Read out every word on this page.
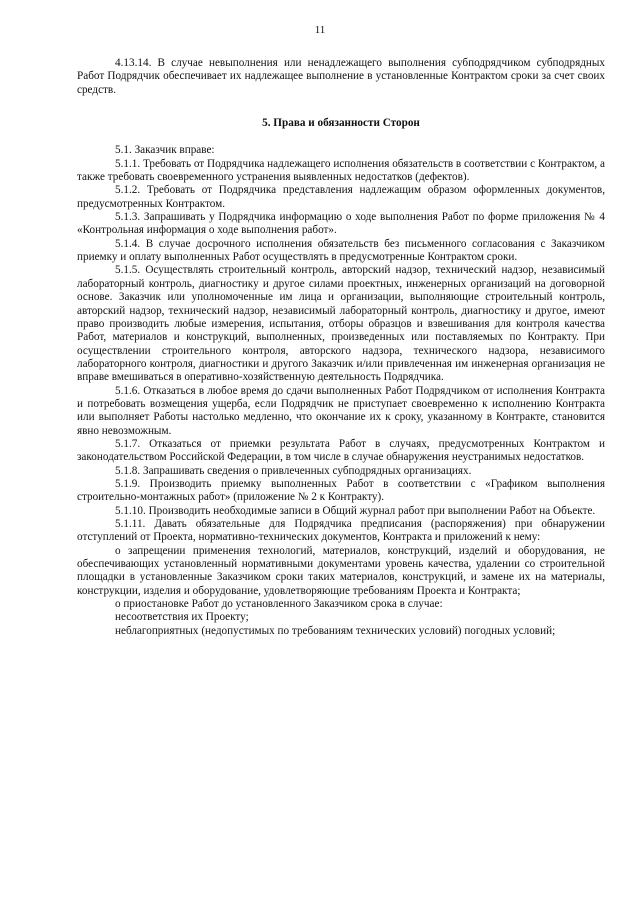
11

4.13.14. В случае невыполнения или ненадлежащего выполнения субподрядчиком субподрядных Работ Подрядчик обеспечивает их надлежащее выполнение в установленные Контрактом сроки за счет своих средств.

5. Права и обязанности Сторон

5.1. Заказчик вправе:

5.1.1. Требовать от Подрядчика надлежащего исполнения обязательств в соответствии с Контрактом, а также требовать своевременного устранения выявленных недостатков (дефектов).

5.1.2. Требовать от Подрядчика представления надлежащим образом оформленных документов, предусмотренных Контрактом.

5.1.3. Запрашивать у Подрядчика информацию о ходе выполнения Работ по форме приложения № 4 «Контрольная информация о ходе выполнения работ».

5.1.4. В случае досрочного исполнения обязательств без письменного согласования с Заказчиком приемку и оплату выполненных Работ осуществлять в предусмотренные Контрактом сроки.

5.1.5. Осуществлять строительный контроль, авторский надзор, технический надзор, независимый лабораторный контроль, диагностику и другое силами проектных, инженерных организаций на договорной основе. Заказчик или уполномоченные им лица и организации, выполняющие строительный контроль, авторский надзор, технический надзор, независимый лабораторный контроль, диагностику и другое, имеют право производить любые измерения, испытания, отборы образцов и взвешивания для контроля качества Работ, материалов и конструкций, выполненных, произведенных или поставляемых по Контракту. При осуществлении строительного контроля, авторского надзора, технического надзора, независимого лабораторного контроля, диагностики и другого Заказчик и/или привлеченная им инженерная организация не вправе вмешиваться в оперативно-хозяйственную деятельность Подрядчика.

5.1.6. Отказаться в любое время до сдачи выполненных Работ Подрядчиком от исполнения Контракта и потребовать возмещения ущерба, если Подрядчик не приступает своевременно к исполнению Контракта или выполняет Работы настолько медленно, что окончание их к сроку, указанному в Контракте, становится явно невозможным.

5.1.7. Отказаться от приемки результата Работ в случаях, предусмотренных Контрактом и законодательством Российской Федерации, в том числе в случае обнаружения неустранимых недостатков.

5.1.8. Запрашивать сведения о привлеченных субподрядных организациях.

5.1.9. Производить приемку выполненных Работ в соответствии с «Графиком выполнения строительно-монтажных работ» (приложение № 2 к Контракту).

5.1.10. Производить необходимые записи в Общий журнал работ при выполнении Работ на Объекте.

5.1.11. Давать обязательные для Подрядчика предписания (распоряжения) при обнаружении отступлений от Проекта, нормативно-технических документов, Контракта и приложений к нему:

о запрещении применения технологий, материалов, конструкций, изделий и оборудования, не обеспечивающих установленный нормативными документами уровень качества, удалении со строительной площадки в установленные Заказчиком сроки таких материалов, конструкций, и замене их на материалы, конструкции, изделия и оборудование, удовлетворяющие требованиям Проекта и Контракта;

о приостановке Работ до установленного Заказчиком срока в случае:

несоответствия их Проекту;

неблагоприятных (недопустимых по требованиям технических условий) погодных условий;
